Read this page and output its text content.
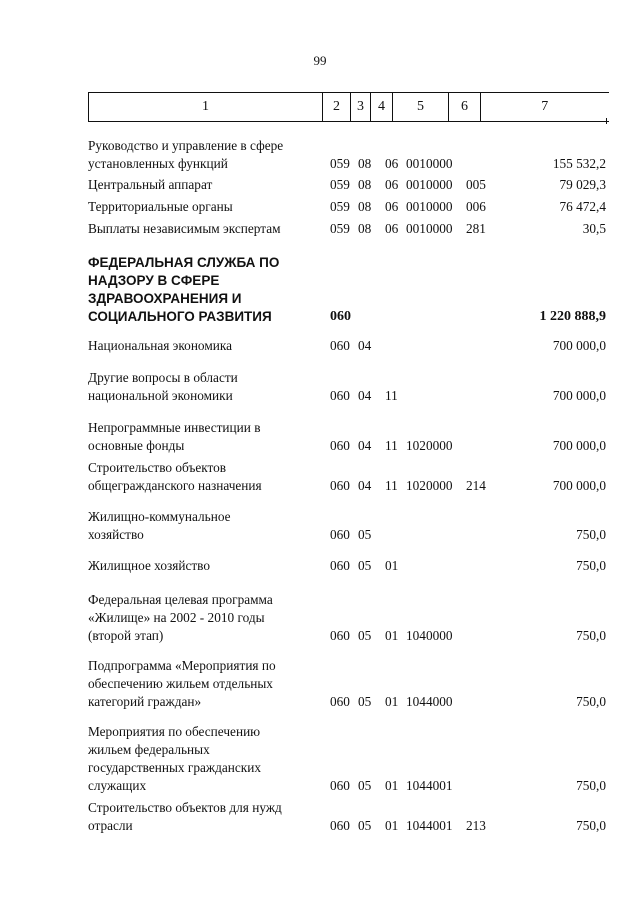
99
1	2	3	4	5	6	7
Руководство и управление в сфере
установленных функций	059 08 06 0010000	155 532,2
Центральный аппарат	059 08 06 0010000 005	79 029,3
Территориальные органы	059 08 06 0010000 006	76 472,4
Выплаты независимым экспертам	059 08 06 0010000 281	30,5
ФЕДЕРАЛЬНАЯ СЛУЖБА ПО
НАДЗОРУ В СФЕРЕ
ЗДРАВООХРАНЕНИЯ И
СОЦИАЛЬНОГО РАЗВИТИЯ	060	1 220 888,9
Национальная экономика	060 04	700 000,0
Другие вопросы в области
национальной экономики	060 04 11	700 000,0
Непрограммные инвестиции в
основные фонды	060 04 11 1020000	700 000,0
Строительство объектов
общегражданского назначения	060 04 11 1020000 214	700 000,0
Жилищно-коммунальное
хозяйство	060 05	750,0
Жилищное хозяйство	060 05 01	750,0
Федеральная целевая программа
«Жилище» на 2002 - 2010 годы
(второй этап)	060 05 01 1040000	750,0
Подпрограмма «Мероприятия по
обеспечению жильем отдельных
категорий граждан»	060 05 01 1044000	750,0
Мероприятия по обеспечению
жильем федеральных
государственных гражданских
служащих	060 05 01 1044001	750,0
Строительство объектов для нужд
отрасли	060 05 01 1044001 213	750,0
